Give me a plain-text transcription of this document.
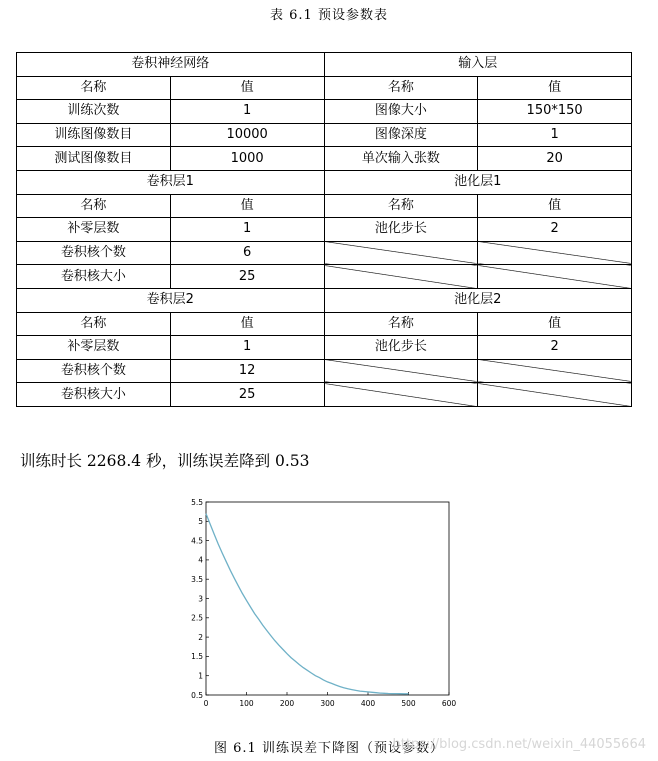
表 6.1 预设参数表
卷积神经网络		输入层	
名称	值	名称	值
训练次数	1	图像大小	150*150
训练图像数目	10000	图像深度	1
测试图像数目	1000	单次输入张数	20
卷积层1		池化层1	
名称	值	名称	值
补零层数	1	池化步长	2
卷积核个数	6		
卷积核大小	25		
卷积层2		池化层2	
名称	值	名称	值
补零层数	1	池化步长	2
卷积核个数	12		
卷积核大小	25		
训练时长 2268.4 秒，训练误差降到 0.53
0	100	200	300	400	500	600
0.5
1
1.5
2
2.5
3
3.5
4
4.5
5
5.5
图 6.1 训练误差下降图（预设参数）
https://blog.csdn.net/weixin_44055664
